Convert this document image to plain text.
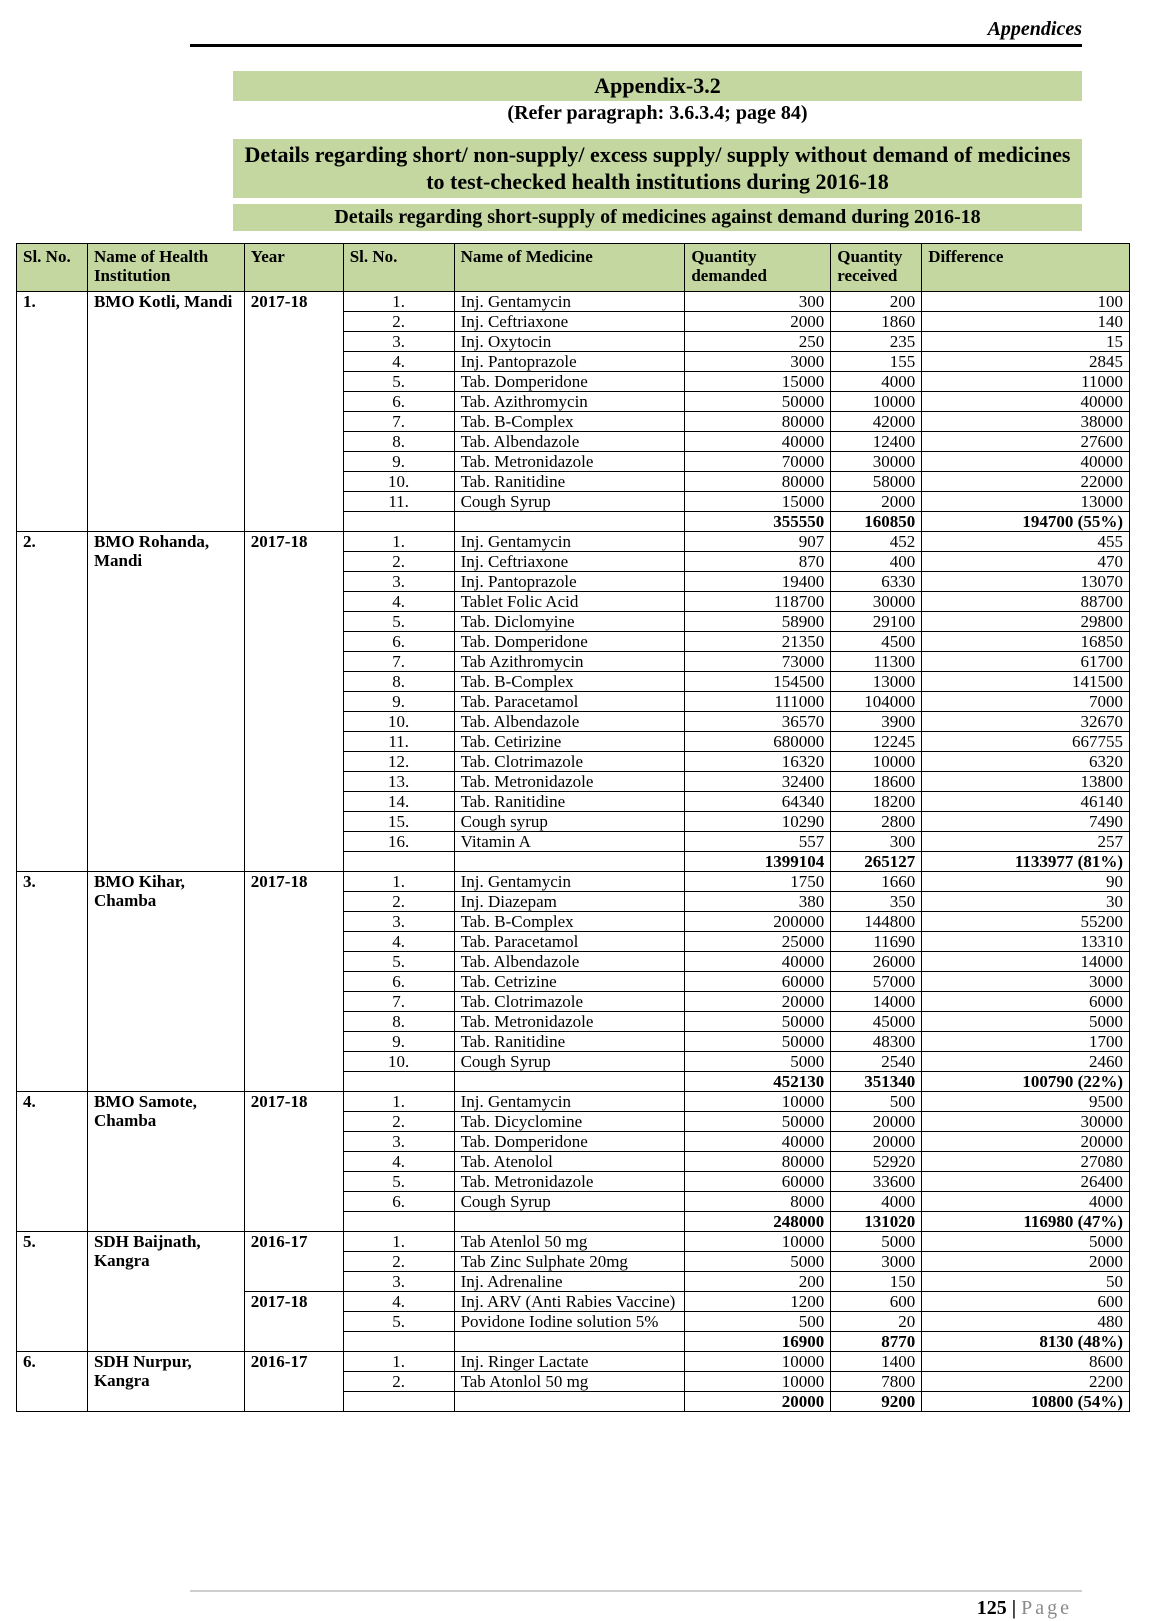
Appendices
Appendix-3.2
(Refer paragraph: 3.6.3.4; page 84)
Details regarding short/ non-supply/ excess supply/ supply without demand of medicines to test-checked health institutions during 2016-18
Details regarding short-supply of medicines against demand during 2016-18
Sl. No.	Name of Health Institution	Year	Sl. No.	Name of Medicine	Quantity demanded	Quantity received	Difference
1.	BMO Kotli, Mandi	2017-18	1.	Inj. Gentamycin	300	200	100
			2.	Inj. Ceftriaxone	2000	1860	140
			3.	Inj. Oxytocin	250	235	15
			4.	Inj. Pantoprazole	3000	155	2845
			5.	Tab. Domperidone	15000	4000	11000
			6.	Tab. Azithromycin	50000	10000	40000
			7.	Tab. B-Complex	80000	42000	38000
			8.	Tab. Albendazole	40000	12400	27600
			9.	Tab. Metronidazole	70000	30000	40000
			10.	Tab. Ranitidine	80000	58000	22000
			11.	Cough Syrup	15000	2000	13000
					355550	160850	194700 (55%)
2.	BMO Rohanda, Mandi	2017-18	1.	Inj. Gentamycin	907	452	455
			2.	Inj. Ceftriaxone	870	400	470
			3.	Inj. Pantoprazole	19400	6330	13070
			4.	Tablet Folic Acid	118700	30000	88700
			5.	Tab. Diclomyine	58900	29100	29800
			6.	Tab. Domperidone	21350	4500	16850
			7.	Tab Azithromycin	73000	11300	61700
			8.	Tab. B-Complex	154500	13000	141500
			9.	Tab. Paracetamol	111000	104000	7000
			10.	Tab. Albendazole	36570	3900	32670
			11.	Tab. Cetirizine	680000	12245	667755
			12.	Tab. Clotrimazole	16320	10000	6320
			13.	Tab. Metronidazole	32400	18600	13800
			14.	Tab. Ranitidine	64340	18200	46140
			15.	Cough syrup	10290	2800	7490
			16.	Vitamin A	557	300	257
					1399104	265127	1133977 (81%)
3.	BMO Kihar, Chamba	2017-18	1.	Inj. Gentamycin	1750	1660	90
			2.	Inj. Diazepam	380	350	30
			3.	Tab. B-Complex	200000	144800	55200
			4.	Tab. Paracetamol	25000	11690	13310
			5.	Tab. Albendazole	40000	26000	14000
			6.	Tab. Cetrizine	60000	57000	3000
			7.	Tab. Clotrimazole	20000	14000	6000
			8.	Tab. Metronidazole	50000	45000	5000
			9.	Tab. Ranitidine	50000	48300	1700
			10.	Cough Syrup	5000	2540	2460
					452130	351340	100790 (22%)
4.	BMO Samote, Chamba	2017-18	1.	Inj. Gentamycin	10000	500	9500
			2.	Tab. Dicyclomine	50000	20000	30000
			3.	Tab. Domperidone	40000	20000	20000
			4.	Tab. Atenolol	80000	52920	27080
			5.	Tab. Metronidazole	60000	33600	26400
			6.	Cough Syrup	8000	4000	4000
					248000	131020	116980 (47%)
5.	SDH Baijnath, Kangra	2016-17	1.	Tab Atenlol 50 mg	10000	5000	5000
			2.	Tab Zinc Sulphate 20mg	5000	3000	2000
			3.	Inj. Adrenaline	200	150	50
		2017-18	4.	Inj. ARV (Anti Rabies Vaccine)	1200	600	600
			5.	Povidone Iodine solution 5%	500	20	480
					16900	8770	8130 (48%)
6.	SDH Nurpur, Kangra	2016-17	1.	Inj. Ringer Lactate	10000	1400	8600
			2.	Tab Atonlol 50 mg	10000	7800	2200
					20000	9200	10800 (54%)
125 | Page
